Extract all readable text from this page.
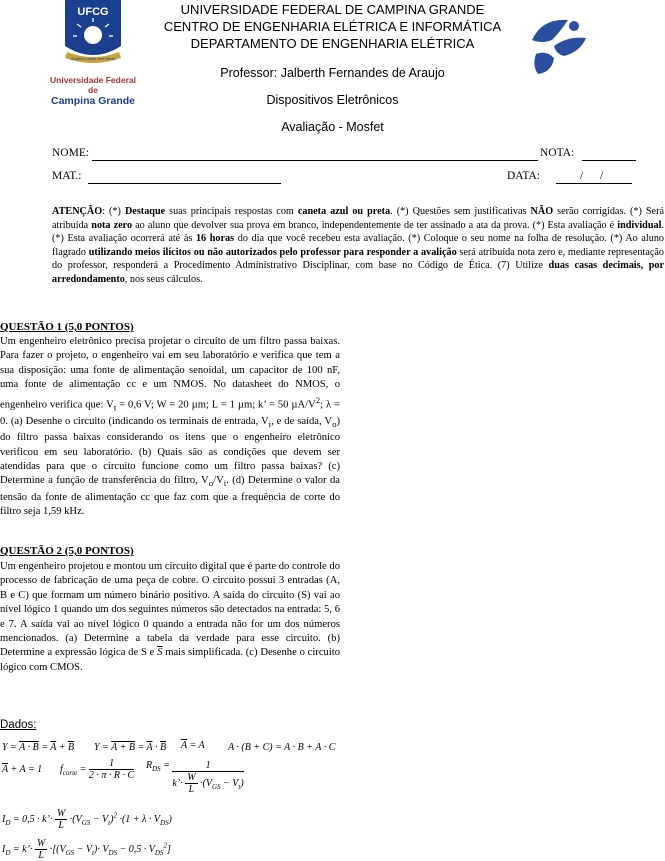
UFCG
Superar Limites Sem Medo
Universidade Federal de
Campina Grande
UNIVERSIDADE FEDERAL DE CAMPINA GRANDE
CENTRO DE ENGENHARIA ELÉTRICA E INFORMÁTICA
DEPARTAMENTO DE ENGENHARIA ELÉTRICA
Professor: Jalberth Fernandes de Araujo
Dispositivos Eletrônicos
Avaliação - Mosfet
NOME:	NOTA:
MAT.:	DATA:	/ /
ATENÇÃO: (*) Destaque suas principais respostas com caneta azul ou preta. (*) Questões sem justificativas NÃO serão corrigidas. (*) Será atribuída nota zero ao aluno que devolver sua prova em branco, independentemente de ter assinado a ata da prova. (*) Esta avaliação é individual. (*) Esta avaliação ocorrerá até às 16 horas do dia que você recebeu esta avaliação. (*) Coloque o seu nome na folha de resolução. (*) Ao aluno flagrado utilizando meios ilícitos ou não autorizados pelo professor para responder a avalição será atribuída nota zero e, mediante representação do professor, responderá a Procedimento Administrativo Disciplinar, com base no Código de Ética. (7) Utilize duas casas decimais, por arredondamento, nos seus cálculos.
QUESTÃO 1 (5,0 PONTOS)
Um engenheiro eletrônico precisa projetar o circuito de um filtro passa baixas. Para fazer o projeto, o engenheiro vai em seu laboratório e verifica que tem a sua disposição: uma fonte de alimentação senoidal, um capacitor de 100 nF, uma fonte de alimentação cc e um NMOS. No datasheet do NMOS, o engenheiro verifica que: $V_t = 0,6$ V; W = 20 µm; L = 1 µm; k’ = 50 $\mu A/V^2$; λ = 0. (a) Desenhe o circuito (indicando os terminais de entrada, $V_i$, e de saída, $V_o$) do filtro passa baixas considerando os itens que o engenheiro eletrônico verificou em seu laboratório. (b) Quais são as condições que devem ser atendidas para que o circuito funcione como um filtro passa baixas? (c) Determine a função de transferência do filtro, $V_o/V_i$. (d) Determine o valor da tensão da fonte de alimentação cc que faz com que a frequência de corte do filtro seja 1,59 kHz.
QUESTÃO 2 (5,0 PONTOS)
Um engenheiro projetou e montou um circuito digital que é parte do controle do processo de fabricação de uma peça de cobre. O circuito possui 3 entradas (A, B e C) que formam um número binário positivo. A saída do circuito (S) vai ao nível lógico 1 quando um dos seguintes números são detectados na entrada: 5, 6 e 7. A saída vai ao nível lógico 0 quando a entrada não for um dos números mencionados. (a) Determine a tabela da verdade para esse circuito. (b) Determine a expressão lógica de S e $\overline{S}$ mais simplificada. (c) Desenhe o circuito lógico com CMOS.
Dados:
$Y = A \cdot B = \overline{A} + \overline{B}$ $Y = A + B = \overline{A} \cdot \overline{B}$ A = A A · (B + C) = A · B + A · C
$\overline{A} + A = 1$ $f_{corte} = \frac{1}{2 \cdot \pi \cdot R \cdot C} R_{DS} = \frac{1}{k’\cdot \frac{W}{L} \cdot(V_{GS} - V_t)}$
$I_D = 0,5$ · k’· $\frac{W}{L} \cdot(V_{GS} - V_t)^2 \cdot(1 + \lambda \cdot V_{DS})$
$I_D$ = k’· $\frac{W}{L} \cdot[(V_{GS} - V_t)\cdot V_{DS} - 0,5 \cdot V_{DS}^2]$
